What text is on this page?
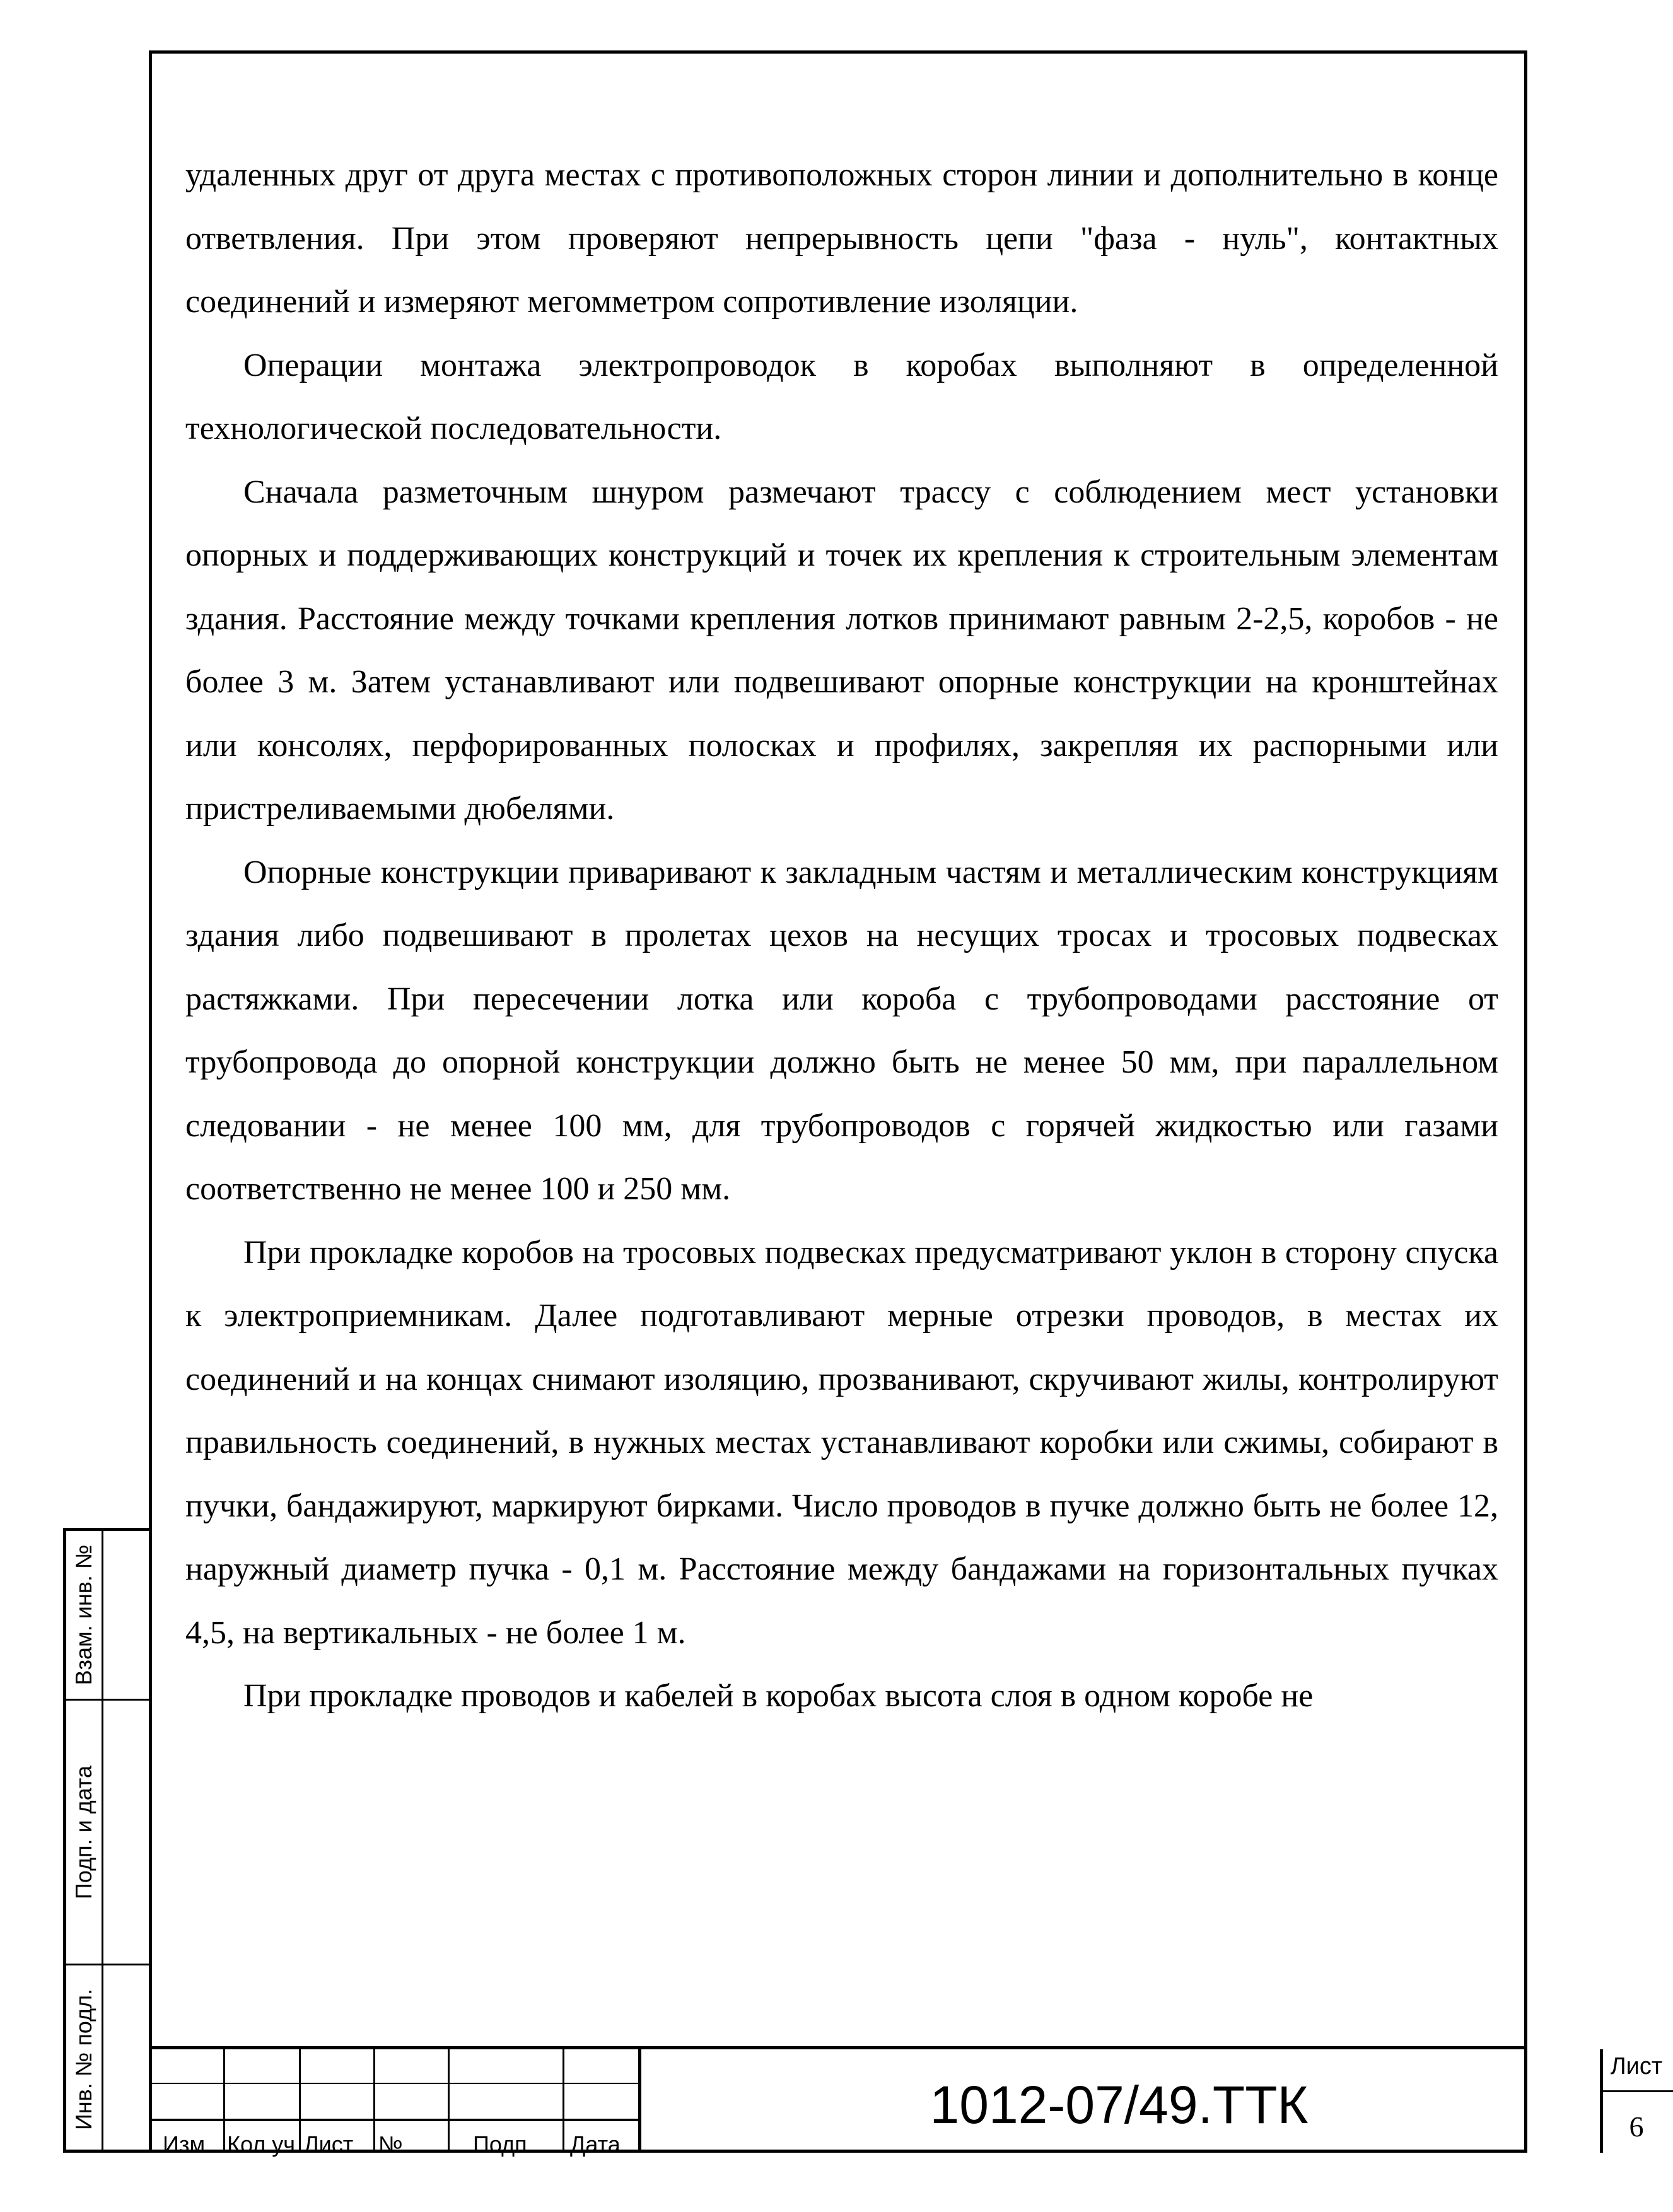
удаленных друг от друга местах с противоположных сторон линии и дополнительно в конце ответвления. При этом проверяют непрерывность цепи "фаза - нуль", контактных соединений и измеряют мегомметром сопротивление изоляции.

Операции монтажа электропроводок в коробах выполняют в определенной технологической последовательности.

Сначала разметочным шнуром размечают трассу с соблюдением мест установки опорных и поддерживающих конструкций и точек их крепления к строительным элементам здания. Расстояние между точками крепления лотков принимают равным 2-2,5, коробов - не более 3 м. Затем устанавливают или подвешивают опорные конструкции на кронштейнах или консолях, перфорированных полосках и профилях, закрепляя их распорными или пристреливаемыми дюбелями.

Опорные конструкции приваривают к закладным частям и металлическим конструкциям здания либо подвешивают в пролетах цехов на несущих тросах и тросовых подвесках растяжками. При пересечении лотка или короба с трубопроводами расстояние от трубопровода до опорной конструкции должно быть не менее 50 мм, при параллельном следовании - не менее 100 мм, для трубопроводов с горячей жидкостью или газами соответственно не менее 100 и 250 мм.

При прокладке коробов на тросовых подвесках предусматривают уклон в сторону спуска к электроприемникам. Далее подготавливают мерные отрезки проводов, в местах их соединений и на концах снимают изоляцию, прозванивают, скручивают жилы, контролируют правильность соединений, в нужных местах устанавливают коробки или сжимы, собирают в пучки, бандажируют, маркируют бирками. Число проводов в пучке должно быть не более 12, наружный диаметр пучка - 0,1 м. Расстояние между бандажами на горизонтальных пучках 4,5, на вертикальных - не более 1 м.

При прокладке проводов и кабелей в коробах высота слоя в одном коробе не

Взам. инв. №
Подп. и дата
Инв. № подл.
Изм Кол.уч Лист №	Подп. Дата
1012-07/49.ТТК
Лист
6
